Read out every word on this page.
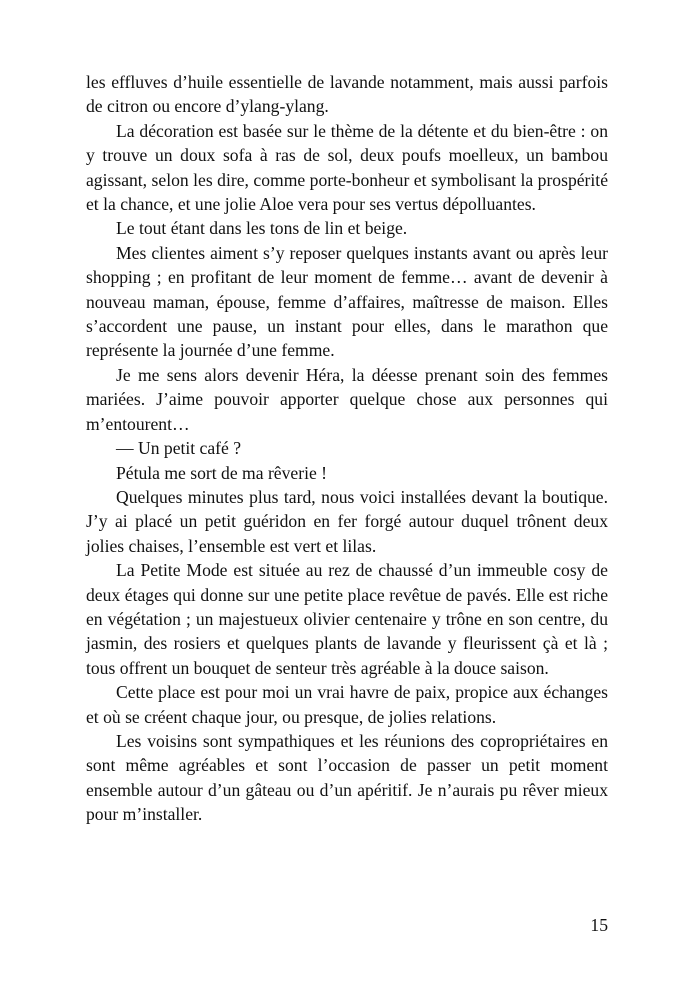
les effluves d’huile essentielle de lavande notamment, mais aussi parfois de citron ou encore d’ylang-ylang.

La décoration est basée sur le thème de la détente et du bien-être : on y trouve un doux sofa à ras de sol, deux poufs moelleux, un bambou agissant, selon les dire, comme porte-bonheur et symbolisant la prospérité et la chance, et une jolie Aloe vera pour ses vertus dépolluantes.

Le tout étant dans les tons de lin et beige.

Mes clientes aiment s’y reposer quelques instants avant ou après leur shopping ; en profitant de leur moment de femme… avant de devenir à nouveau maman, épouse, femme d’affaires, maîtresse de maison. Elles s’accordent une pause, un instant pour elles, dans le marathon que représente la journée d’une femme.

Je me sens alors devenir Héra, la déesse prenant soin des femmes mariées. J’aime pouvoir apporter quelque chose aux personnes qui m’entourent…

— Un petit café ?

Pétula me sort de ma rêverie !

Quelques minutes plus tard, nous voici installées devant la boutique. J’y ai placé un petit guéridon en fer forgé autour duquel trônent deux jolies chaises, l’ensemble est vert et lilas.

La Petite Mode est située au rez de chaussé d’un immeuble cosy de deux étages qui donne sur une petite place revêtue de pavés. Elle est riche en végétation ; un majestueux olivier centenaire y trône en son centre, du jasmin, des rosiers et quelques plants de lavande y fleurissent çà et là ; tous offrent un bouquet de senteur très agréable à la douce saison.

Cette place est pour moi un vrai havre de paix, propice aux échanges et où se créent chaque jour, ou presque, de jolies relations.

Les voisins sont sympathiques et les réunions des copropriétaires en sont même agréables et sont l’occasion de passer un petit moment ensemble autour d’un gâteau ou d’un apéritif. Je n’aurais pu rêver mieux pour m’installer.

15
